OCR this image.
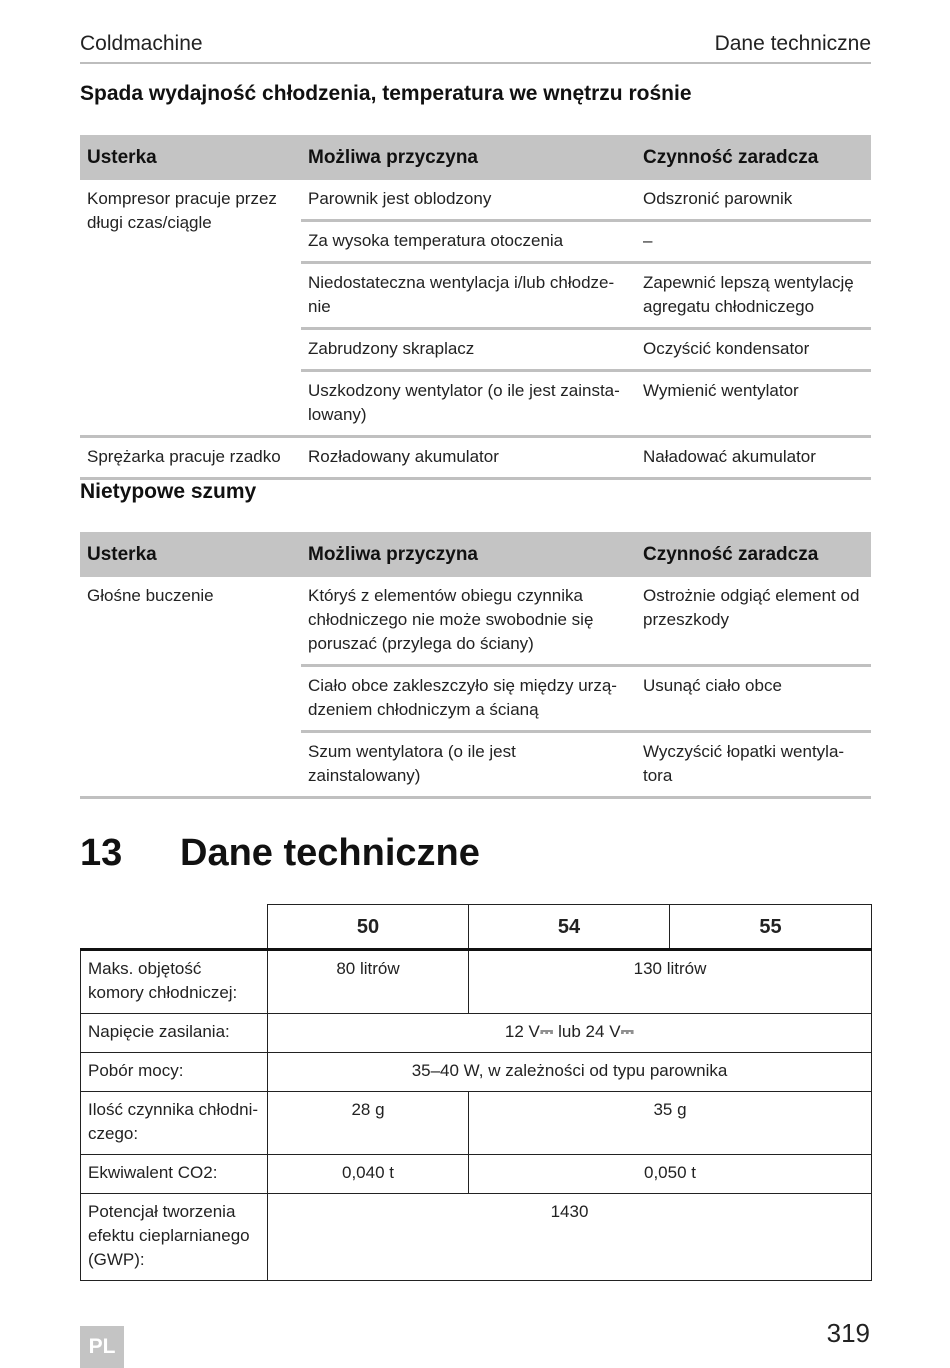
Coldmachine	Dane techniczne
Spada wydajność chłodzenia, temperatura we wnętrzu rośnie
Usterka	Możliwa przyczyna	Czynność zaradcza
Kompresor pracuje przez długi czas/ciągle	Parownik jest oblodzony	Odszronić parownik
	Za wysoka temperatura otoczenia	–
	Niedostateczna wentylacja i/lub chłodze-nie	Zapewnić lepszą wentylację agregatu chłodniczego
	Zabrudzony skraplacz	Oczyścić kondensator
	Uszkodzony wentylator (o ile jest zainsta-lowany)	Wymienić wentylator
Sprężarka pracuje rzadko	Rozładowany akumulator	Naładować akumulator
Nietypowe szumy
Usterka	Możliwa przyczyna	Czynność zaradcza
Głośne buczenie	Któryś z elementów obiegu czynnika chłodniczego nie może swobodnie się poruszać (przylega do ściany)	Ostrożnie odgiąć element od przeszkody
	Ciało obce zakleszczyło się między urzą-dzeniem chłodniczym a ścianą	Usunąć ciało obce
	Szum wentylatora (o ile jest zainstalowany)	Wyczyścić łopatki wentyla-tora
13 Dane techniczne
	50	54	55
Maks. objętość komory chłodniczej:	80 litrów	130 litrów	
Napięcie zasilania:	12 V⎓ lub 24 V⎓		
Pobór mocy:	35–40 W, w zależności od typu parownika		
Ilość czynnika chłodni-czego:	28 g	35 g	
Ekwiwalent CO2:	0,040 t	0,050 t	
Potencjał tworzenia efektu cieplarnianego (GWP):	1430		
PL	319
